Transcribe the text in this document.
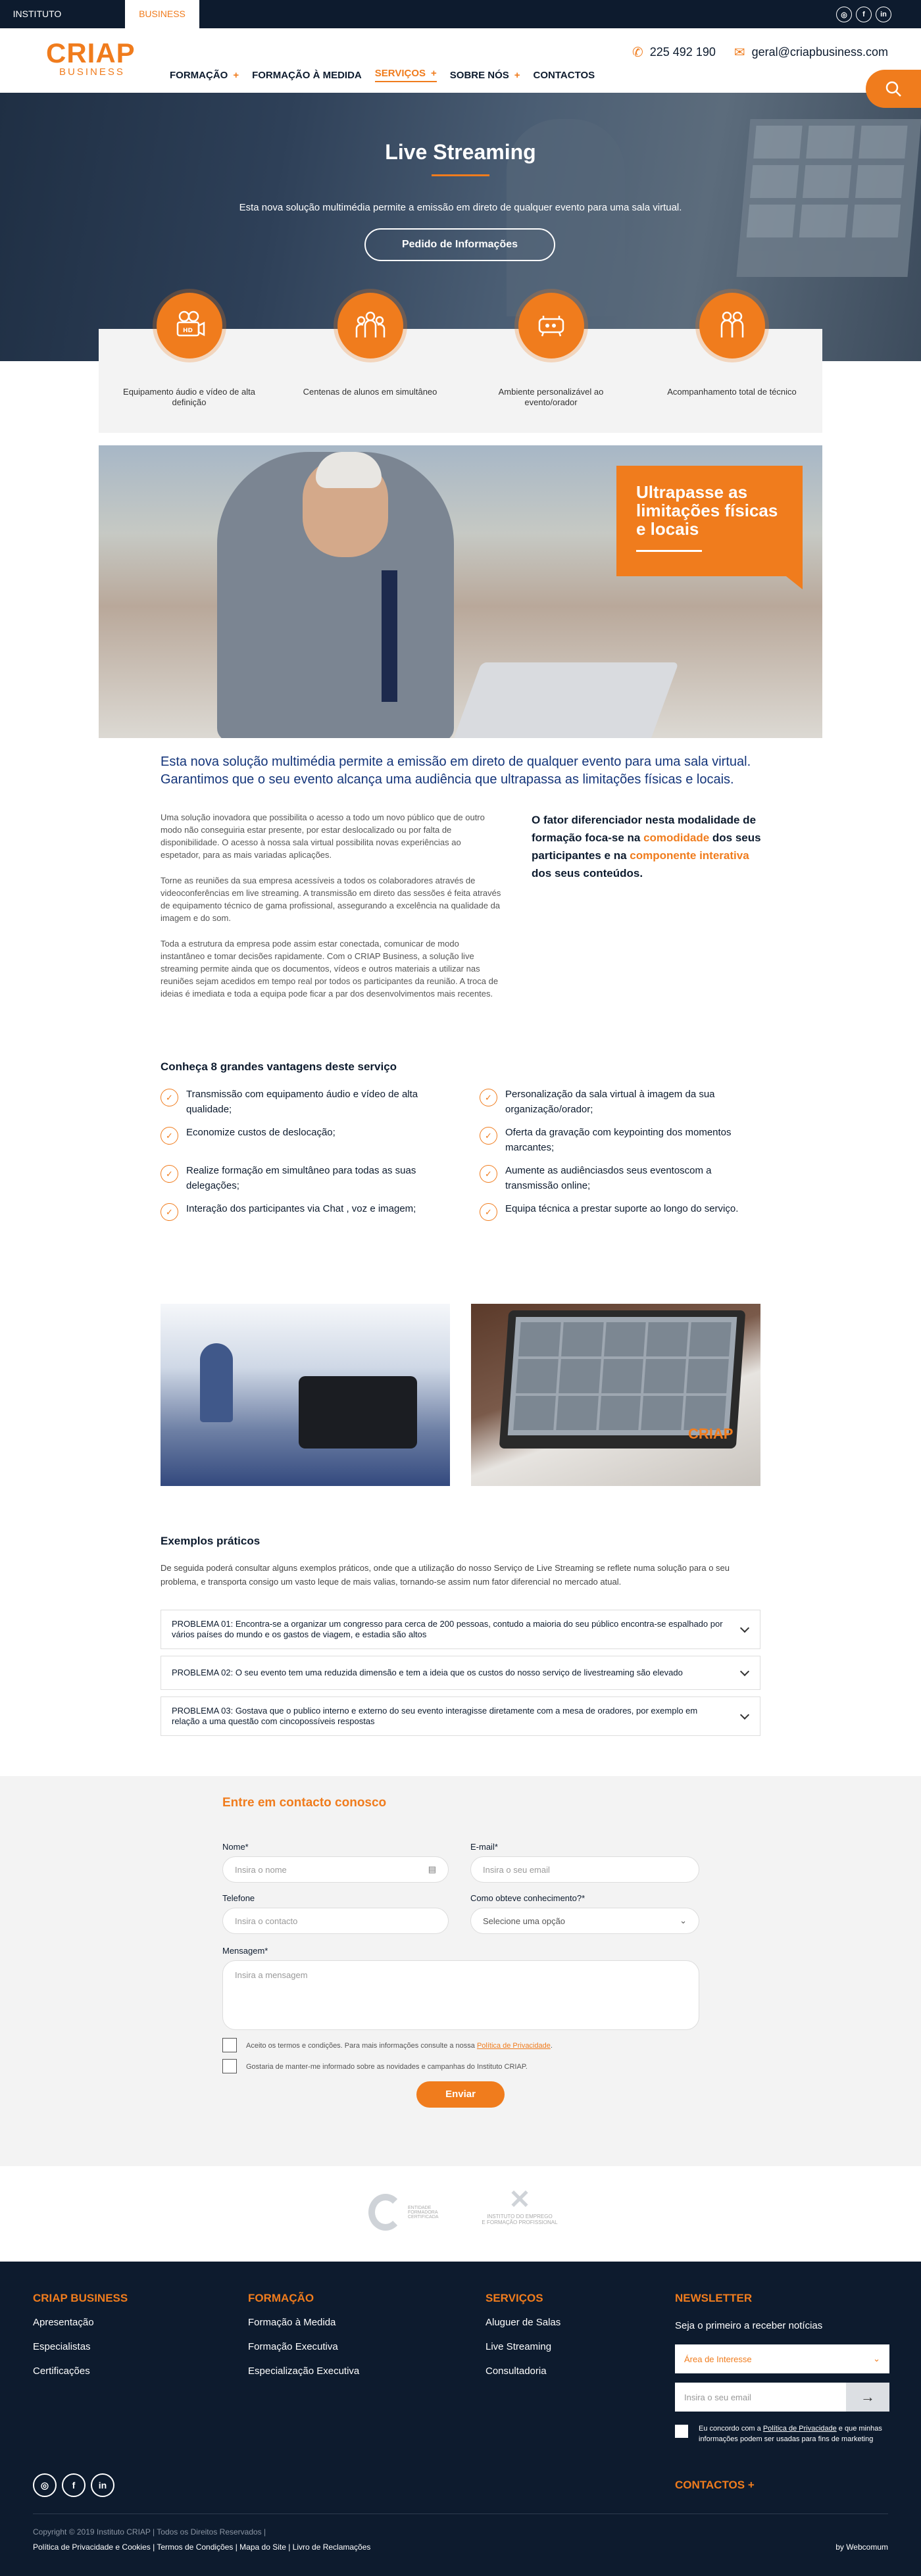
INSTITUTO	BUSINESS	◎	f	in
CRIAP
BUSINESS	FORMAÇÃO + FORMAÇÃO À MEDIDA SERVIÇOS + SOBRE NÓS + CONTACTOS
✆ 225 492 190 ✉ geral@criapbusiness.com
Live Streaming

Esta nova solução multimédia permite a emissão em direto de qualquer evento para uma sala virtual.

Pedido de Informações
HD
Equipamento áudio e vídeo de alta definição
Centenas de alunos em simultâneo	Ambiente personalizável ao evento/orador
Acompanhamento total de técnico
Ultrapasse as limitações físicas e locais
Esta nova solução multimédia permite a emissão em direto de qualquer evento para uma sala virtual. Garantimos que o seu evento alcança uma audiência que ultrapassa as limitações físicas e locais.

Uma solução inovadora que possibilita o acesso a todo um novo público que de outro modo não conseguiria estar presente, por estar deslocalizado ou por falta de disponibilidade. O acesso à nossa sala virtual possibilita novas experiências ao espetador, para as mais variadas aplicações.

Torne as reuniões da sua empresa acessíveis a todos os colaboradores através de videoconferências em live streaming. A transmissão em direto das sessões é feita através de equipamento técnico de gama profissional, assegurando a excelência na qualidade da imagem e do som.

Toda a estrutura da empresa pode assim estar conectada, comunicar de modo instantâneo e tomar decisões rapidamente. Com o CRIAP Business, a solução live streaming permite ainda que os documentos, vídeos e outros materiais a utilizar nas reuniões sejam acedidos em tempo real por todos os participantes da reunião. A troca de ideias é imediata e toda a equipa pode ficar a par dos desenvolvimentos mais recentes.

O fator diferenciador nesta modalidade de formação foca-se na comodidade dos seus participantes e na componente interativa dos seus conteúdos.
Conheça 8 grandes vantagens deste serviço
✓	Transmissão com equipamento áudio e vídeo de alta qualidade;
✓	Personalização da sala virtual à imagem da sua organização/orador;
✓	Economize custos de deslocação;	✓	Oferta da gravação com keypointing dos momentos marcantes;
✓	Realize formação em simultâneo para todas as suas delegações;
✓	Aumente as audiênciasdos seus eventoscom a transmissão online;
✓	Interação dos participantes via Chat , voz e imagem;	✓	Equipa técnica a prestar suporte ao longo do serviço.
CRIAP
Exemplos práticos
De seguida poderá consultar alguns exemplos práticos, onde que a utilização do nosso Serviço de Live Streaming se reflete numa solução para o seu problema, e transporta consigo um vasto leque de mais valias, tornando-se assim num fator diferencial no mercado atual.
PROBLEMA 01: Encontra-se a organizar um congresso para cerca de 200 pessoas, contudo a maioria do seu público encontra-se espalhado por vários países do mundo e os gastos de viagem, e estadia são altos
PROBLEMA 02: O seu evento tem uma reduzida dimensão e tem a ideia que os custos do nosso serviço de livestreaming são elevado
PROBLEMA 03: Gostava que o publico interno e externo do seu evento interagisse diretamente com a mesa de oradores, por exemplo em relação a uma questão com cincopossíveis respostas
Entre em contacto conosco
Nome*
Insira o nome	▤
E-mail*
Insira o seu email
Telefone
Insira o contacto
Como obteve conhecimento?*
Selecione uma opção	⌄
Mensagem*
Insira a mensagem
Aceito os termos e condições. Para mais informações consulte a nossa Política de Privacidade.
Gostaria de manter-me informado sobre as novidades e campanhas do Instituto CRIAP.
Enviar
ENTIDADE FORMADORA CERTIFICADA
✕
INSTITUTO DO EMPREGO
E FORMAÇÃO PROFISSIONAL
CRIAP BUSINESS
Apresentação
Especialistas
Certificações
FORMAÇÃO
Formação à Medida
Formação Executiva
Especialização Executiva
SERVIÇOS
Aluguer de Salas
Live Streaming
Consultadoria
NEWSLETTER
Seja o primeiro a receber notícias
Área de Interesse	⌄
Insira o seu email	→
Eu concordo com a Política de Privacidade e que minhas informações podem ser usadas para fins de marketing
◎	f	in	CONTACTOS +
Copyright © 2019 Instituto CRIAP | Todos os Direitos Reservados |
Política de Privacidade e Cookies | Termos de Condições | Mapa do Site | Livro de Reclamações	by Webcomum
